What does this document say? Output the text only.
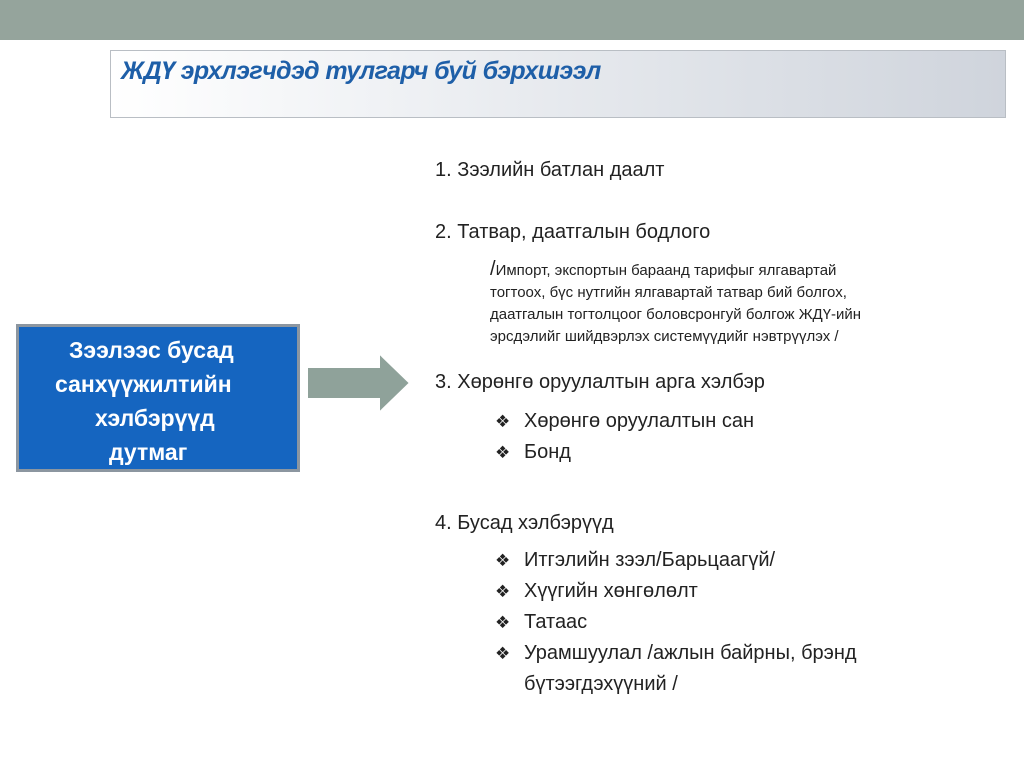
ЖДҮ эрхлэгчдэд тулгарч буй бэрхшээл
Зээлээс бусад
санхүүжилтийн
хэлбэрүүд
дутмаг
1. Зээлийн батлан даалт
2. Татвар, даатгалын бодлого
/Импорт, экспортын бараанд тарифыг ялгавартай
тогтоох, бүс нутгийн ялгавартай татвар бий болгох,
даатгалын тогтолцоог боловсронгуй болгож ЖДҮ-ийн
эрсдэлийг шийдвэрлэх системүүдийг нэвтрүүлэх /
3. Хөрөнгө оруулалтын арга хэлбэр
❖ Хөрөнгө оруулалтын сан
❖ Бонд
4. Бусад хэлбэрүүд
❖ Итгэлийн зээл/Барьцаагүй/
❖ Хүүгийн хөнгөлөлт
❖ Татаас
❖ Урамшуулал /ажлын байрны, брэнд
бүтээгдэхүүний /
